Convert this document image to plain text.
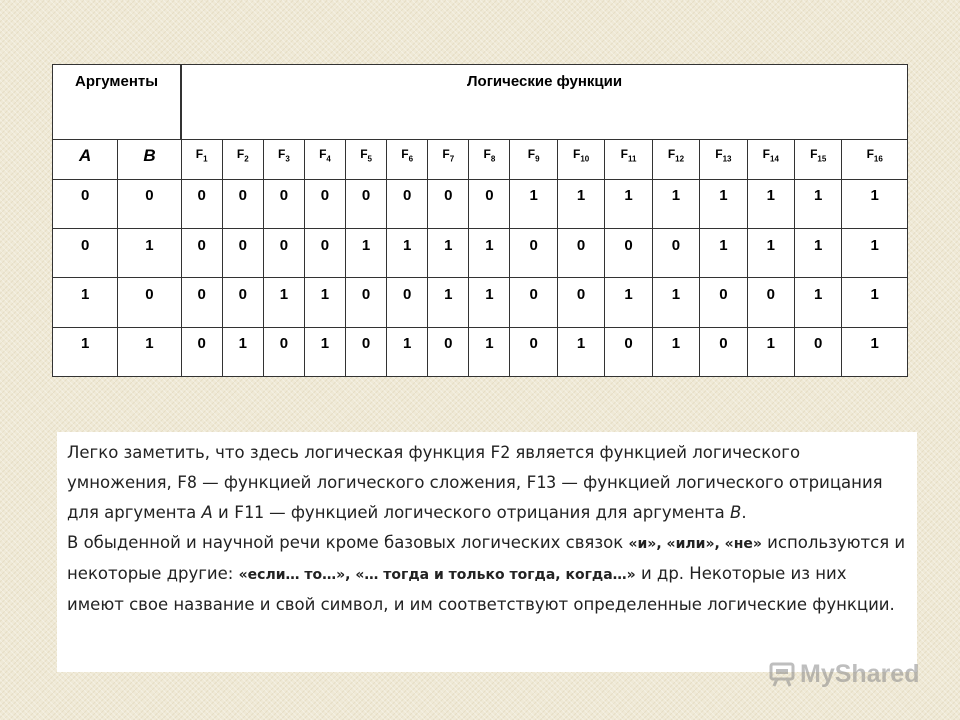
Аргументы		Логические функции															
A	B	$F_1$	$F_2$	$F_3$	$F_4$	$F_5$	$F_6$	$F_7$	$F_8$	$F_9$	$F_{10}$	$F_{11}$	$F_{12}$	$F_{13}$	$F_{14}$	$F_{15}$	$F_{16}$
0	0	0	0	0	0	0	0	0	0	1	1	1	1	1	1	1	1
0	1	0	0	0	0	1	1	1	1	0	0	0	0	1	1	1	1
1	0	0	0	1	1	0	0	1	1	0	0	1	1	0	0	1	1
1	1	0	1	0	1	0	1	0	1	0	1	0	1	0	1	0	1

Легко заметить, что здесь логическая функция F2 является функцией логического умножения, F8 — функцией логического сложения, F13 — функцией логического отрицания для аргумента А и F11 — функцией логического отрицания для аргумента В.

В обыденной и научной речи кроме базовых логических связок «и», «или», «не» используются и некоторые другие: «если… то…», «… тогда и только тогда, когда…» и др. Некоторые из них имеют свое название и свой символ, и им соответствуют определенные логические функции.

MyShared
